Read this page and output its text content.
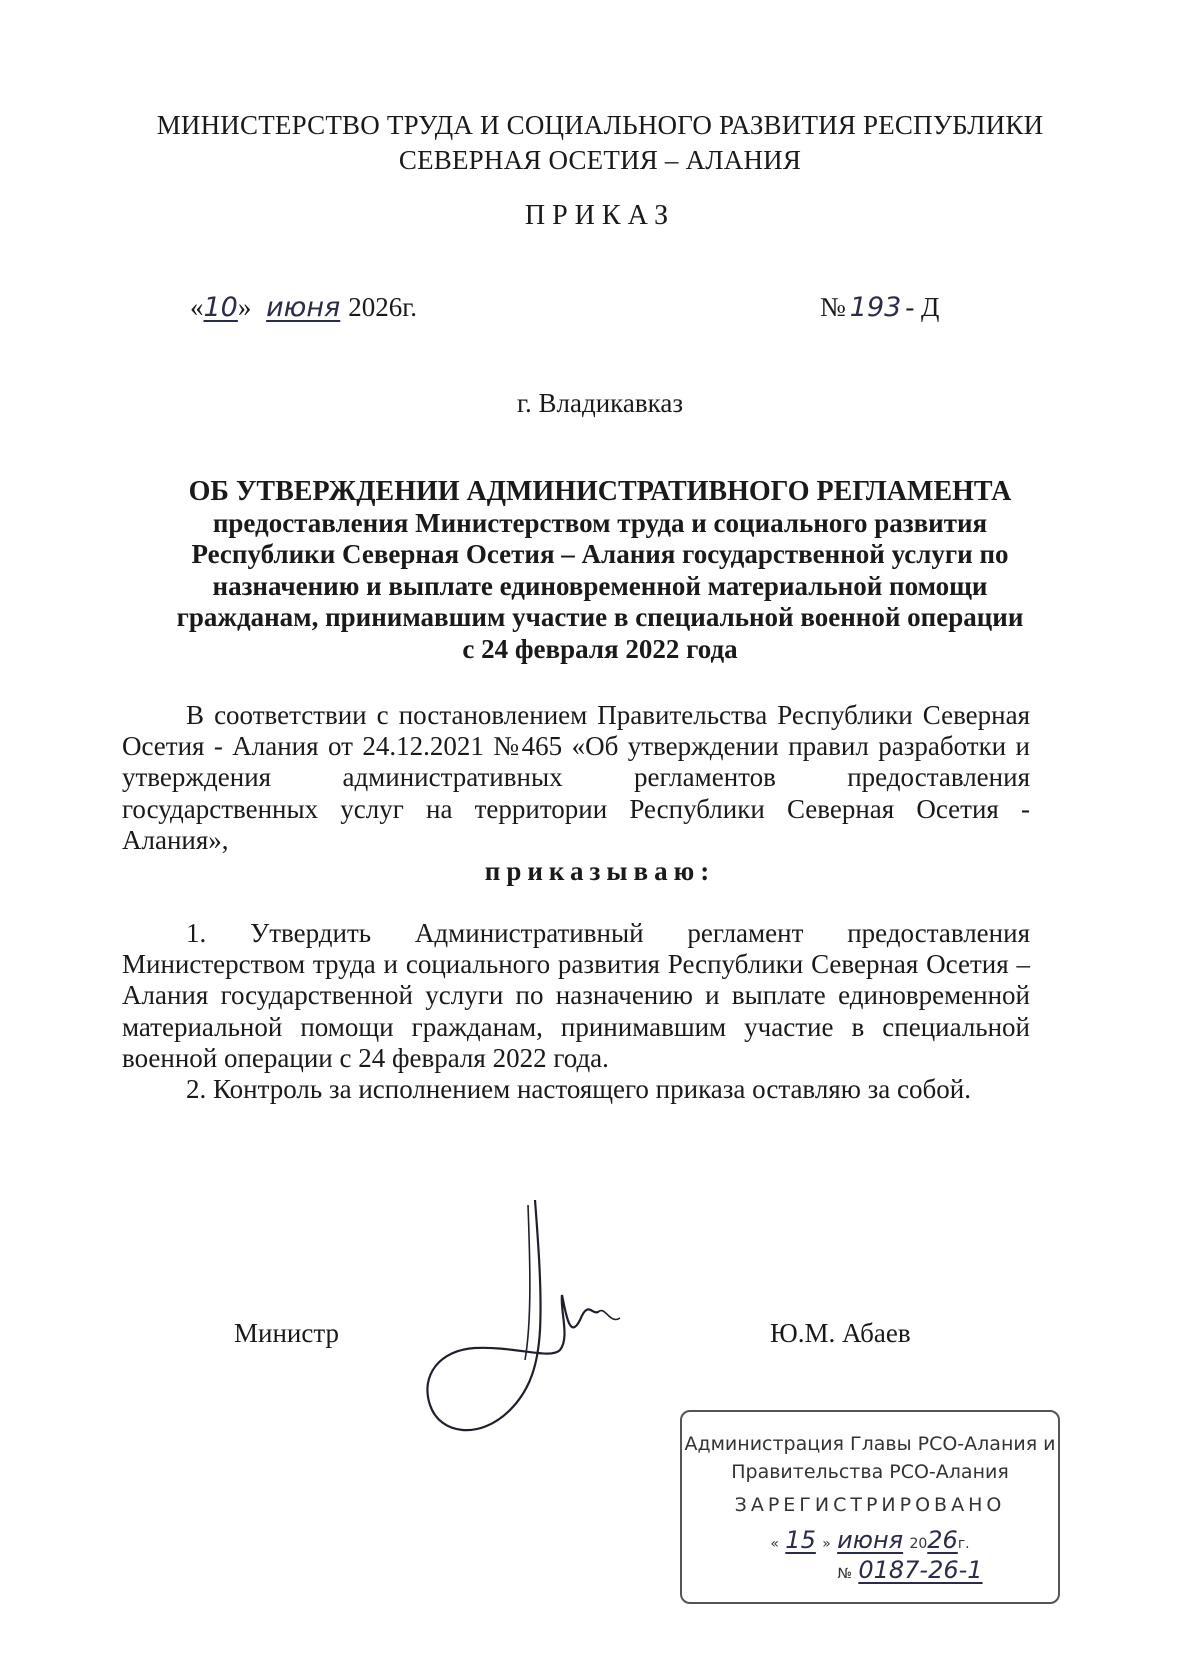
МИНИСТЕРСТВО ТРУДА И СОЦИАЛЬНОГО РАЗВИТИЯ РЕСПУБЛИКИ
СЕВЕРНАЯ ОСЕТИЯ – АЛАНИЯ
ПРИКАЗ
«10» июня 2026г.	№ 193 - Д
г. Владикавказ
ОБ УТВЕРЖДЕНИИ АДМИНИСТРАТИВНОГО РЕГЛАМЕНТА
предоставления Министерством труда и социального развития
Республики Северная Осетия – Алания государственной услуги по
назначению и выплате единовременной материальной помощи
гражданам, принимавшим участие в специальной военной операции
с 24 февраля 2022 года
В соответствии с постановлением Правительства Республики Северная Осетия - Алания от 24.12.2021 №465 «Об утверждении правил разработки и утверждения административных регламентов предоставления государственных услуг на территории Республики Северная Осетия - Алания»,
приказываю:
1. Утвердить Административный регламент предоставления Министерством труда и социального развития Республики Северная Осетия – Алания государственной услуги по назначению и выплате единовременной материальной помощи гражданам, принимавшим участие в специальной военной операции с 24 февраля 2022 года.
2. Контроль за исполнением настоящего приказа оставляю за собой.
Министр	Ю.М. Абаев
Администрация Главы РСО-Алания и
Правительства РСО-Алания
ЗАРЕГИСТРИРОВАНО
« 15 » июня 2026г.
№ 0187-26-1
